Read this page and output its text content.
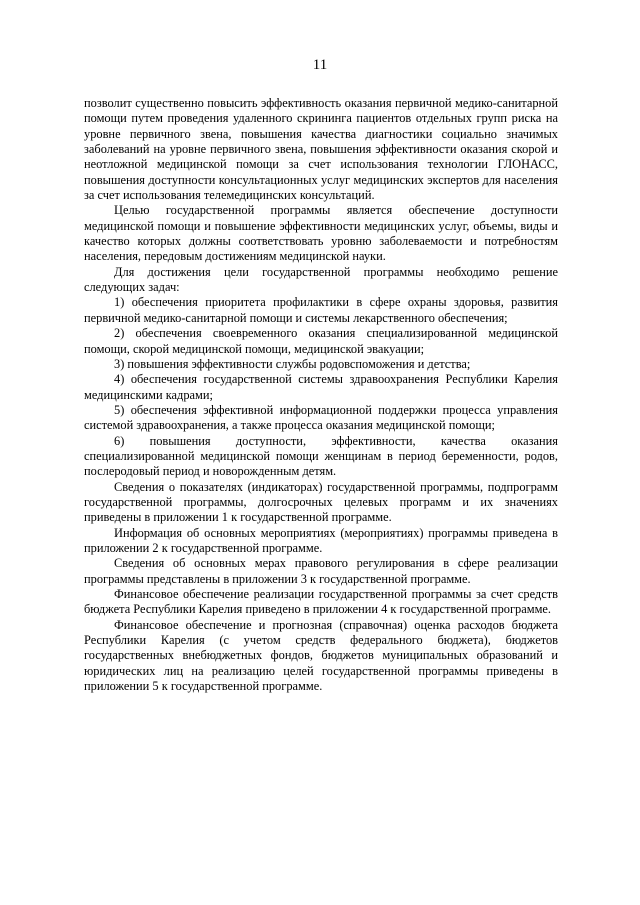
11

позволит существенно повысить эффективность оказания первичной медико-санитарной помощи путем проведения удаленного скрининга пациентов отдельных групп риска на уровне первичного звена, повышения качества диагностики социально значимых заболеваний на уровне первичного звена, повышения эффективности оказания скорой и неотложной медицинской помощи за счет использования технологии ГЛОНАСС, повышения доступности консультационных услуг медицинских экспертов для населения за счет использования телемедицинских консультаций.

Целью государственной программы является обеспечение доступности медицинской помощи и повышение эффективности медицинских услуг, объемы, виды и качество которых должны соответствовать уровню заболеваемости и потребностям населения, передовым достижениям медицинской науки.

Для достижения цели государственной программы необходимо решение следующих задач:

1) обеспечения приоритета профилактики в сфере охраны здоровья, развития первичной медико-санитарной помощи и системы лекарственного обеспечения;

2) обеспечения своевременного оказания специализированной медицинской помощи, скорой медицинской помощи, медицинской эвакуации;

3) повышения эффективности службы родовспоможения и детства;

4) обеспечения государственной системы здравоохранения Республики Карелия медицинскими кадрами;

5) обеспечения эффективной информационной поддержки процесса управления системой здравоохранения, а также процесса оказания медицинской помощи;

6) повышения доступности, эффективности, качества оказания специализированной медицинской помощи женщинам в период беременности, родов, послеродовый период и новорожденным детям.

Сведения о показателях (индикаторах) государственной программы, подпрограмм государственной программы, долгосрочных целевых программ и их значениях приведены в приложении 1 к государственной программе.

Информация об основных мероприятиях (мероприятиях) программы приведена в приложении 2 к государственной программе.

Сведения об основных мерах правового регулирования в сфере реализации программы представлены в приложении 3 к государственной программе.

Финансовое обеспечение реализации государственной программы за счет средств бюджета Республики Карелия приведено в приложении 4 к государственной программе.

Финансовое обеспечение и прогнозная (справочная) оценка расходов бюджета Республики Карелия (с учетом средств федерального бюджета), бюджетов государственных внебюджетных фондов, бюджетов муниципальных образований и юридических лиц на реализацию целей государственной программы приведены в приложении 5 к государственной программе.
